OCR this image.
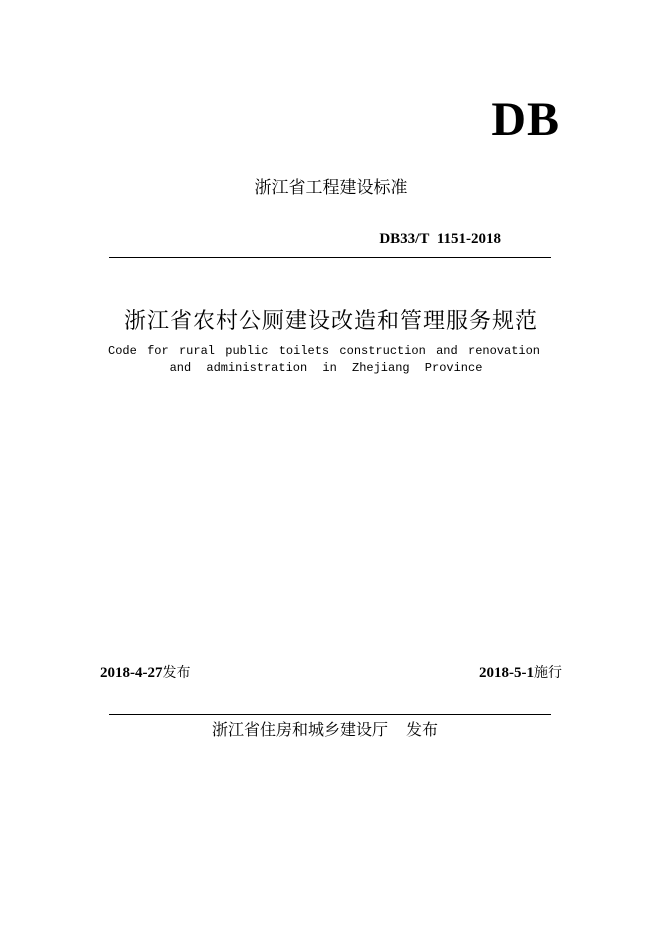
DB
浙江省工程建设标准
DB33/T 1151-2018
浙江省农村公厕建设改造和管理服务规范
Code for rural public toilets construction and renovation
and administration in Zhejiang Province
2018-4-27发布	2018-5-1施行
浙江省住房和城乡建设厅 发布
